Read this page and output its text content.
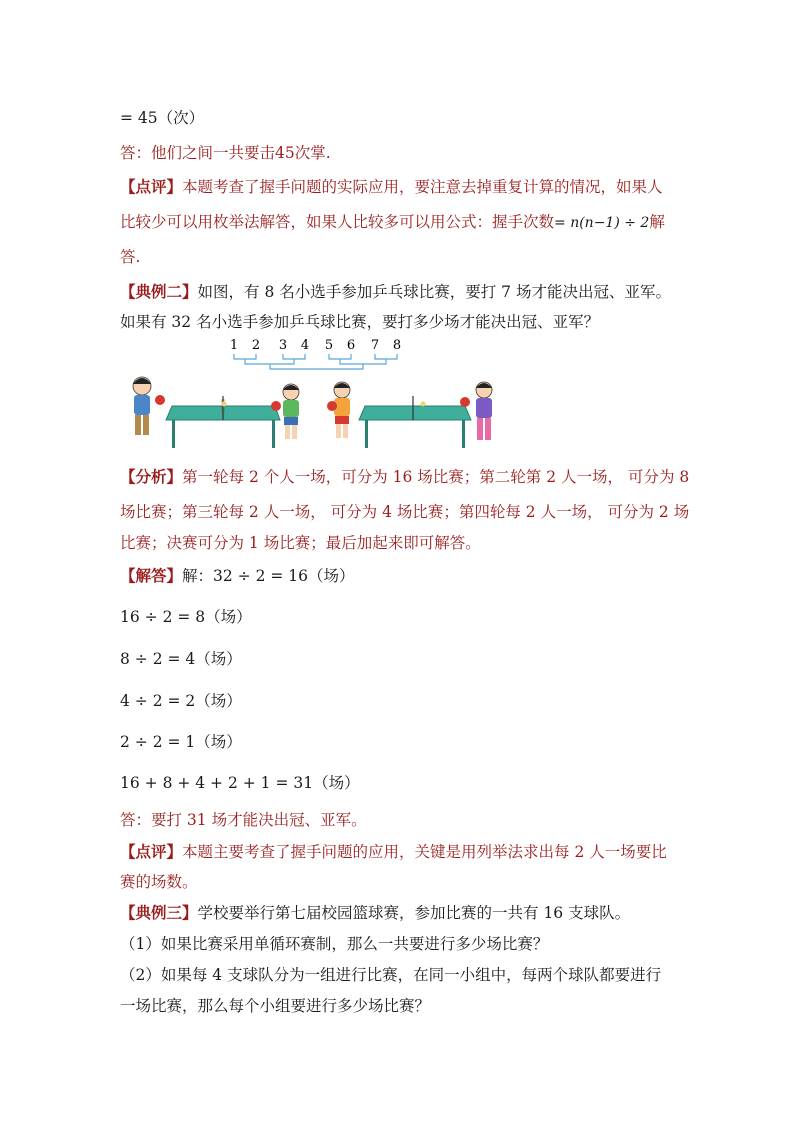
= 45（次）
答：他们之间一共要击45次掌.
【点评】本题考查了握手问题的实际应用，要注意去掉重复计算的情况，如果人
比较少可以用枚举法解答，如果人比较多可以用公式：握手次数= n(n−1) ÷ 2解
答.
【典例二】如图，有 8 名小选手参加乒乓球比赛，要打 7 场才能决出冠、亚军。
如果有 32 名小选手参加乒乓球比赛，要打多少场才能决出冠、亚军？
1 2 3 4 5 6 7 8
【分析】第一轮每 2 个人一场，可分为 16 场比赛；第二轮第 2 人一场， 可分为 8
场比赛；第三轮每 2 人一场， 可分为 4 场比赛；第四轮每 2 人一场， 可分为 2 场
比赛；决赛可分为 1 场比赛；最后加起来即可解答。
【解答】解：32 ÷ 2 = 16（场）
16 ÷ 2 = 8（场）
8 ÷ 2 = 4（场）
4 ÷ 2 = 2（场）
2 ÷ 2 = 1（场）
16 + 8 + 4 + 2 + 1 = 31（场）
答：要打 31 场才能决出冠、亚军。
【点评】本题主要考查了握手问题的应用，关键是用列举法求出每 2 人一场要比
赛的场数。
【典例三】学校要举行第七届校园篮球赛，参加比赛的一共有 16 支球队。
（1）如果比赛采用单循环赛制，那么一共要进行多少场比赛？
（2）如果每 4 支球队分为一组进行比赛，在同一小组中，每两个球队都要进行
一场比赛，那么每个小组要进行多少场比赛？
